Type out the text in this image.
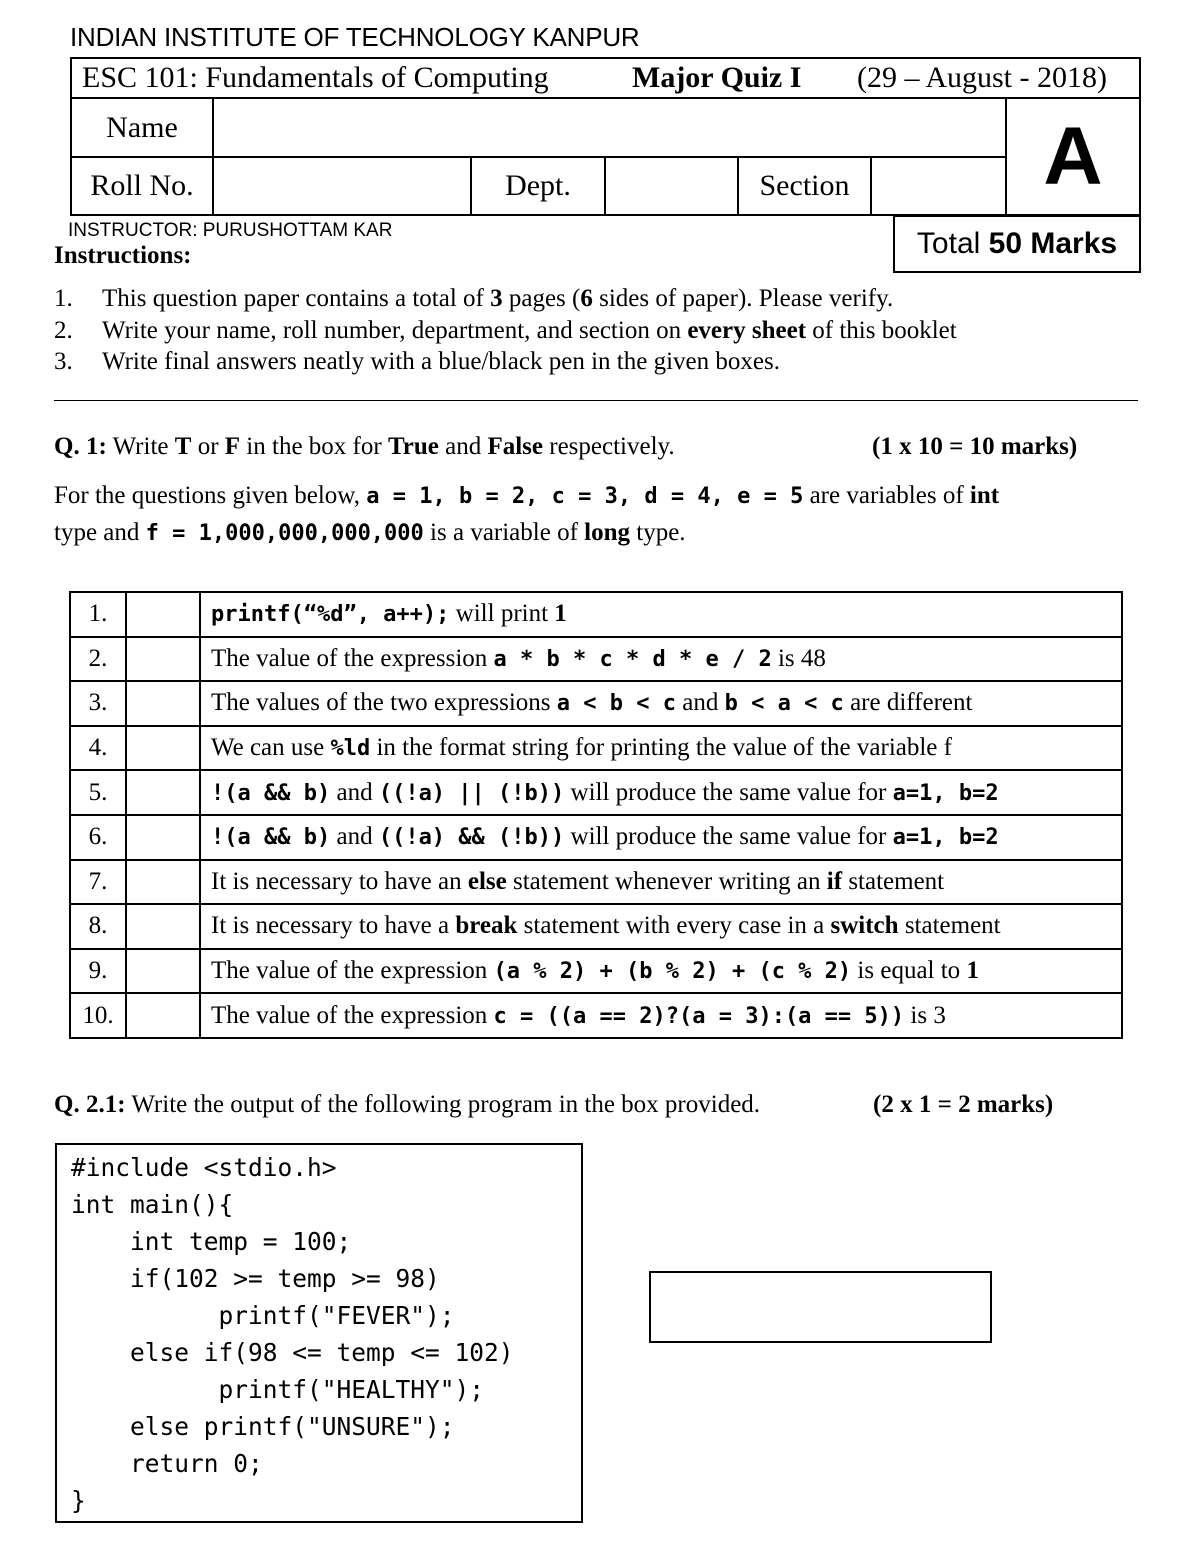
INDIAN INSTITUTE OF TECHNOLOGY KANPUR
ESC 101: Fundamentals of Computing	Major Quiz I (29 – August - 2018)
Name
Roll No.	Dept.	Section	A
INSTRUCTOR: PURUSHOTTAM KAR	Total
50 Marks
Instructions:
1. This question paper contains a total of 3 pages (6 sides of paper). Please verify.
2. Write your name, roll number, department, and section on every sheet of this booklet
3. Write final answers neatly with a blue/black pen in the given boxes.
Q. 1: Write T or F in the box for True and False respectively.	(1 x 10 = 10 marks)
For the questions given below, a = 1, b = 2, c = 3, d = 4, e = 5 are variables of int
type and f = 1,000,000,000,000 is a variable of long type.
1.		printf(“%d”, a++); will print 1
2.		The value of the expression a * b * c * d * e / 2 is 48
3.		The values of the two expressions a < b < c and b < a < c are different
4.		We can use %ld in the format string for printing the value of the variable f
5.		!(a && b) and ((!a) || (!b)) will produce the same value for a=1, b=2
6.		!(a && b) and ((!a) && (!b)) will produce the same value for a=1, b=2
7.		It is necessary to have an else statement whenever writing an if statement
8.		It is necessary to have a break statement with every case in a switch statement
9.		The value of the expression (a % 2) + (b % 2) + (c % 2) is equal to 1
10.		The value of the expression c = ((a == 2)?(a = 3):(a == 5)) is 3
Q. 2.1: Write the output of the following program in the box provided.	(2 x 1 = 2 marks)
#include <stdio.h>
int main(){
int temp = 100;
if(102 >= temp >= 98)
printf("FEVER");
else if(98 <= temp <= 102)
printf("HEALTHY");
else printf("UNSURE");
return 0;
}
